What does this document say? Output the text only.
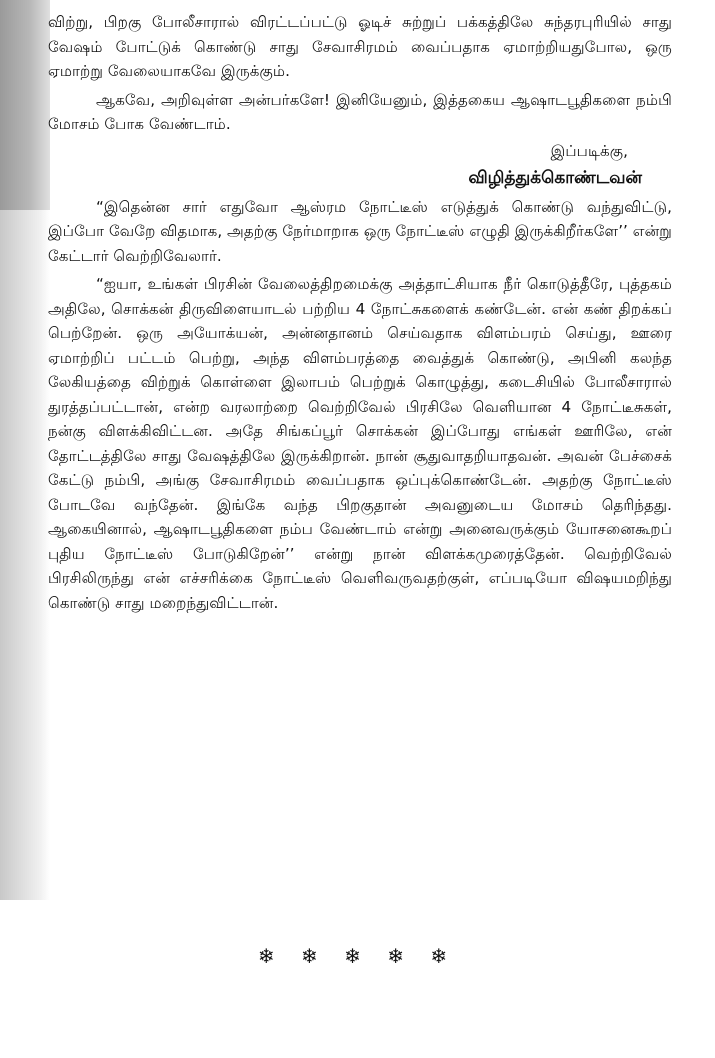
விற்று, பிறகு போலீசாரால் விரட்டப்பட்டு ஓடிச் சுற்றுப் பக்கத்திலே சுந்தரபுரியில் சாது வேஷம் போட்டுக் கொண்டு சாது சேவாசிரமம் வைப்பதாக ஏமாற்றியதுபோல, ஒரு ஏமாற்று வேலையாகவே இருக்கும்.

ஆகவே, அறிவுள்ள அன்பர்களே! இனியேனும், இத்தகைய ஆஷாடபூதிகளை நம்பி மோசம் போக வேண்டாம்.

இப்படிக்கு,

விழித்துக்கொண்டவன்

“இதென்ன சார் எதுவோ ஆஸ்ரம நோட்டீஸ் எடுத்துக் கொண்டு வந்துவிட்டு, இப்போ வேறே விதமாக, அதற்கு நேர்மாறாக ஒரு நோட்டீஸ் எழுதி இருக்கிறீர்களே’’ என்று கேட்டார் வெற்றிவேலார்.

“ஐயா, உங்கள் பிரசின் வேலைத்திறமைக்கு அத்தாட்சியாக நீர் கொடுத்தீரே, புத்தகம் அதிலே, சொக்கன் திருவிளையாடல் பற்றிய 4 நோட்சுகளைக் கண்டேன். என் கண் திறக்கப் பெற்றேன். ஒரு அயோக்யன், அன்னதானம் செய்வதாக விளம்பரம் செய்து, ஊரை ஏமாற்றிப் பட்டம் பெற்று, அந்த விளம்பரத்தை வைத்துக் கொண்டு, அபினி கலந்த லேகியத்தை விற்றுக் கொள்ளை இலாபம் பெற்றுக் கொழுத்து, கடைசியில் போலீசாரால் துரத்தப்பட்டான், என்ற வரலாற்றை வெற்றிவேல் பிரசிலே வெளியான 4 நோட்டீசுகள், நன்கு விளக்கிவிட்டன. அதே சிங்கப்பூர் சொக்கன் இப்போது எங்கள் ஊரிலே, என் தோட்டத்திலே சாது வேஷத்திலே இருக்கிறான். நான் சூதுவாதறியாதவன். அவன் பேச்சைக் கேட்டு நம்பி, அங்கு சேவாசிரமம் வைப்பதாக ஒப்புக்கொண்டேன். அதற்கு நோட்டீஸ் போடவே வந்தேன். இங்கே வந்த பிறகுதான் அவனுடைய மோசம் தெரிந்தது. ஆகையினால், ஆஷாடபூதிகளை நம்ப வேண்டாம் என்று அனைவருக்கும் யோசனைகூறப் புதிய நோட்டீஸ் போடுகிறேன்’’ என்று நான் விளக்கமுரைத்தேன். வெற்றிவேல் பிரசிலிருந்து என் எச்சரிக்கை நோட்டீஸ் வெளிவருவதற்குள், எப்படியோ விஷயமறிந்து கொண்டு சாது மறைந்துவிட்டான்.

❄ ❄ ❄ ❄ ❄
